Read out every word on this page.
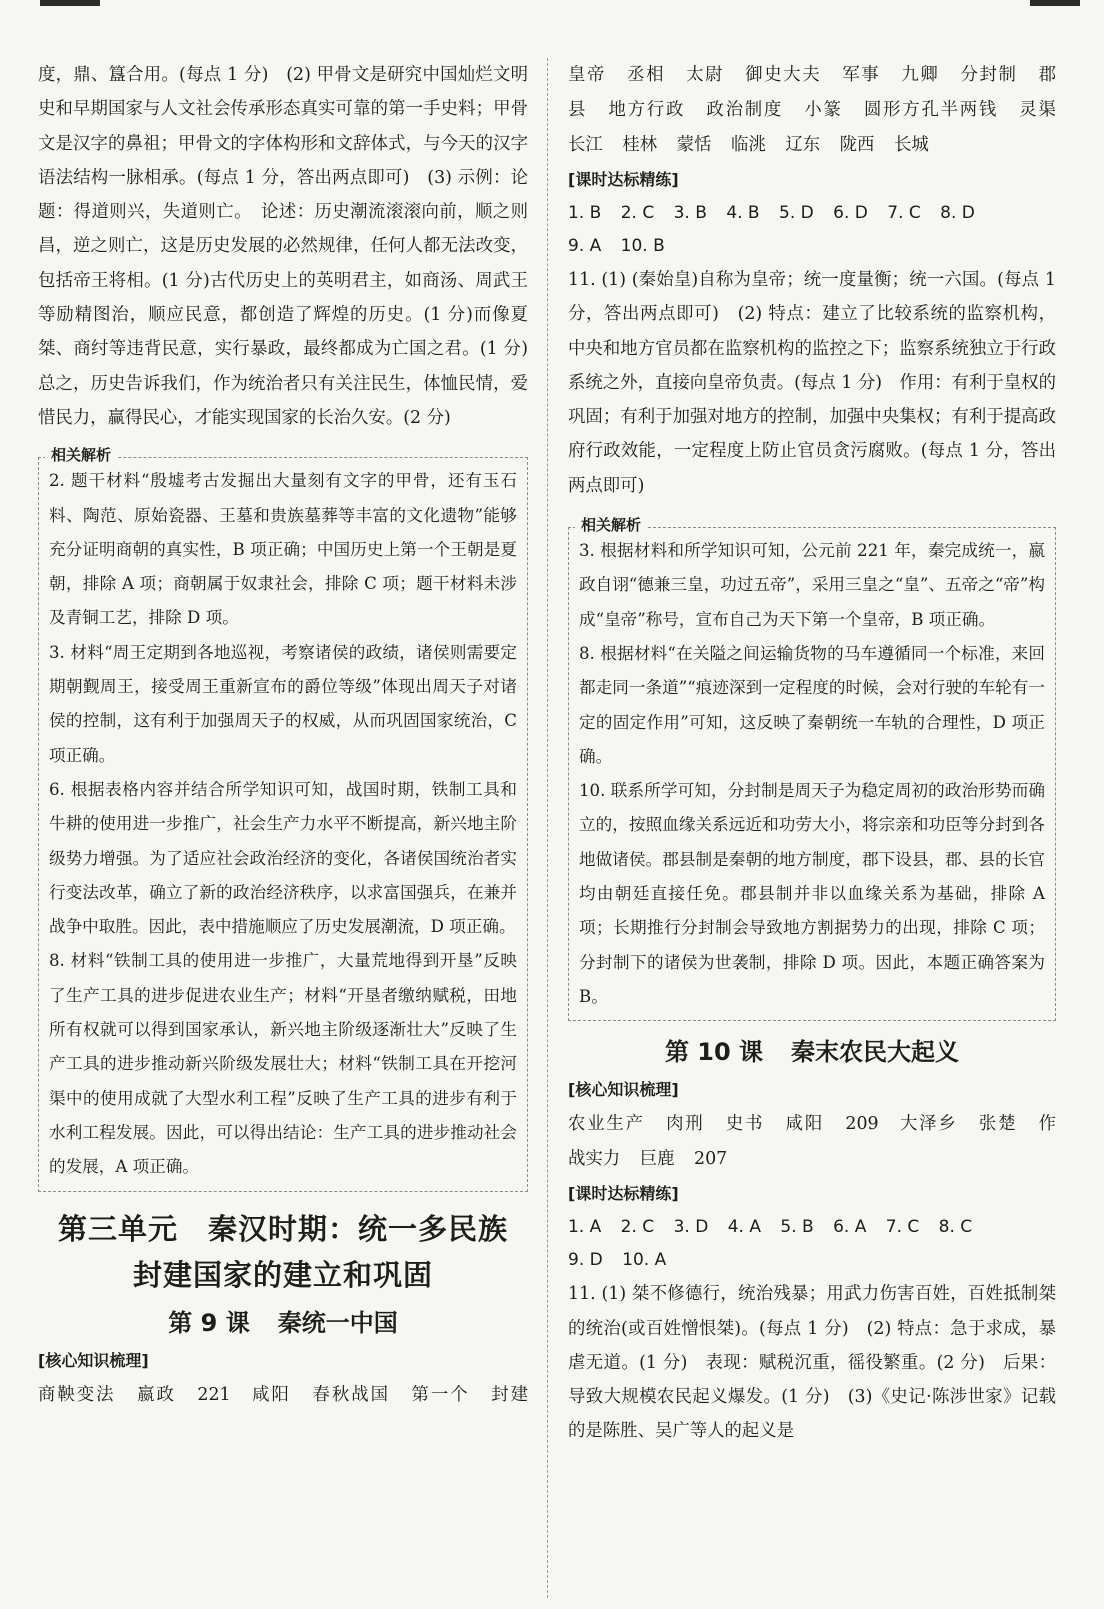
度，鼎、簋合用。(每点 1 分)　(2) 甲骨文是研究中国灿烂文明史和早期国家与人文社会传承形态真实可靠的第一手史料；甲骨文是汉字的鼻祖；甲骨文的字体构形和文辞体式，与今天的汉字语法结构一脉相承。(每点 1 分，答出两点即可)　(3) 示例：论题：得道则兴，失道则亡。　论述：历史潮流滚滚向前，顺之则昌，逆之则亡，这是历史发展的必然规律，任何人都无法改变，包括帝王将相。(1 分)古代历史上的英明君主，如商汤、周武王等励精图治，顺应民意，都创造了辉煌的历史。(1 分)而像夏桀、商纣等违背民意，实行暴政，最终都成为亡国之君。(1 分)总之，历史告诉我们，作为统治者只有关注民生，体恤民情，爱惜民力，赢得民心，才能实现国家的长治久安。(2 分)

相关解析

2. 题干材料“殷墟考古发掘出大量刻有文字的甲骨，还有玉石料、陶范、原始瓷器、王墓和贵族墓葬等丰富的文化遗物”能够充分证明商朝的真实性，B 项正确；中国历史上第一个王朝是夏朝，排除 A 项；商朝属于奴隶社会，排除 C 项；题干材料未涉及青铜工艺，排除 D 项。

3. 材料“周王定期到各地巡视，考察诸侯的政绩，诸侯则需要定期朝觐周王，接受周王重新宣布的爵位等级”体现出周天子对诸侯的控制，这有利于加强周天子的权威，从而巩固国家统治，C 项正确。

6. 根据表格内容并结合所学知识可知，战国时期，铁制工具和牛耕的使用进一步推广，社会生产力水平不断提高，新兴地主阶级势力增强。为了适应社会政治经济的变化，各诸侯国统治者实行变法改革，确立了新的政治经济秩序，以求富国强兵，在兼并战争中取胜。因此，表中措施顺应了历史发展潮流，D 项正确。

8. 材料“铁制工具的使用进一步推广，大量荒地得到开垦”反映了生产工具的进步促进农业生产；材料“开垦者缴纳赋税，田地所有权就可以得到国家承认，新兴地主阶级逐渐壮大”反映了生产工具的进步推动新兴阶级发展壮大；材料“铁制工具在开挖河渠中的使用成就了大型水利工程”反映了生产工具的进步有利于水利工程发展。因此，可以得出结论：生产工具的进步推动社会的发展，A 项正确。

第三单元　秦汉时期：统一多民族
封建国家的建立和巩固
第 9 课 秦统一中国

[核心知识梳理]

商鞅变法 嬴政 221 咸阳 春秋战国 第一个 封建

皇帝 丞相 太尉 御史大夫 军事 九卿 分封制 郡

县 地方行政 政治制度 小篆 圆形方孔半两钱 灵渠

长江 桂林 蒙恬 临洮 辽东 陇西 长城

[课时达标精练]

1. B 2. C 3. B 4. B 5. D 6. D 7. C 8. D

9. A 10. B

11. (1) (秦始皇)自称为皇帝；统一度量衡；统一六国。(每点 1 分，答出两点即可)　(2) 特点：建立了比较系统的监察机构，中央和地方官员都在监察机构的监控之下；监察系统独立于行政系统之外，直接向皇帝负责。(每点 1 分)　作用：有利于皇权的巩固；有利于加强对地方的控制，加强中央集权；有利于提高政府行政效能，一定程度上防止官员贪污腐败。(每点 1 分，答出两点即可)

相关解析

3. 根据材料和所学知识可知，公元前 221 年，秦完成统一，嬴政自诩“德兼三皇，功过五帝”，采用三皇之“皇”、五帝之“帝”构成“皇帝”称号，宣布自己为天下第一个皇帝，B 项正确。

8. 根据材料“在关隘之间运输货物的马车遵循同一个标准，来回都走同一条道”“痕迹深到一定程度的时候，会对行驶的车轮有一定的固定作用”可知，这反映了秦朝统一车轨的合理性，D 项正确。

10. 联系所学可知，分封制是周天子为稳定周初的政治形势而确立的，按照血缘关系远近和功劳大小，将宗亲和功臣等分封到各地做诸侯。郡县制是秦朝的地方制度，郡下设县，郡、县的长官均由朝廷直接任免。郡县制并非以血缘关系为基础，排除 A 项；长期推行分封制会导致地方割据势力的出现，排除 C 项；分封制下的诸侯为世袭制，排除 D 项。因此，本题正确答案为 B。

第 10 课 秦末农民大起义

[核心知识梳理]

农业生产 肉刑 史书 咸阳 209 大泽乡 张楚 作

战实力 巨鹿 207

[课时达标精练]

1. A 2. C 3. D 4. A 5. B 6. A 7. C 8. C

9. D 10. A

11. (1) 桀不修德行，统治残暴；用武力伤害百姓，百姓抵制桀的统治(或百姓憎恨桀)。(每点 1 分)　(2) 特点：急于求成，暴虐无道。(1 分)　表现：赋税沉重，徭役繁重。(2 分)　后果：导致大规模农民起义爆发。(1 分)　(3)《史记·陈涉世家》记载的是陈胜、吴广等人的起义是
